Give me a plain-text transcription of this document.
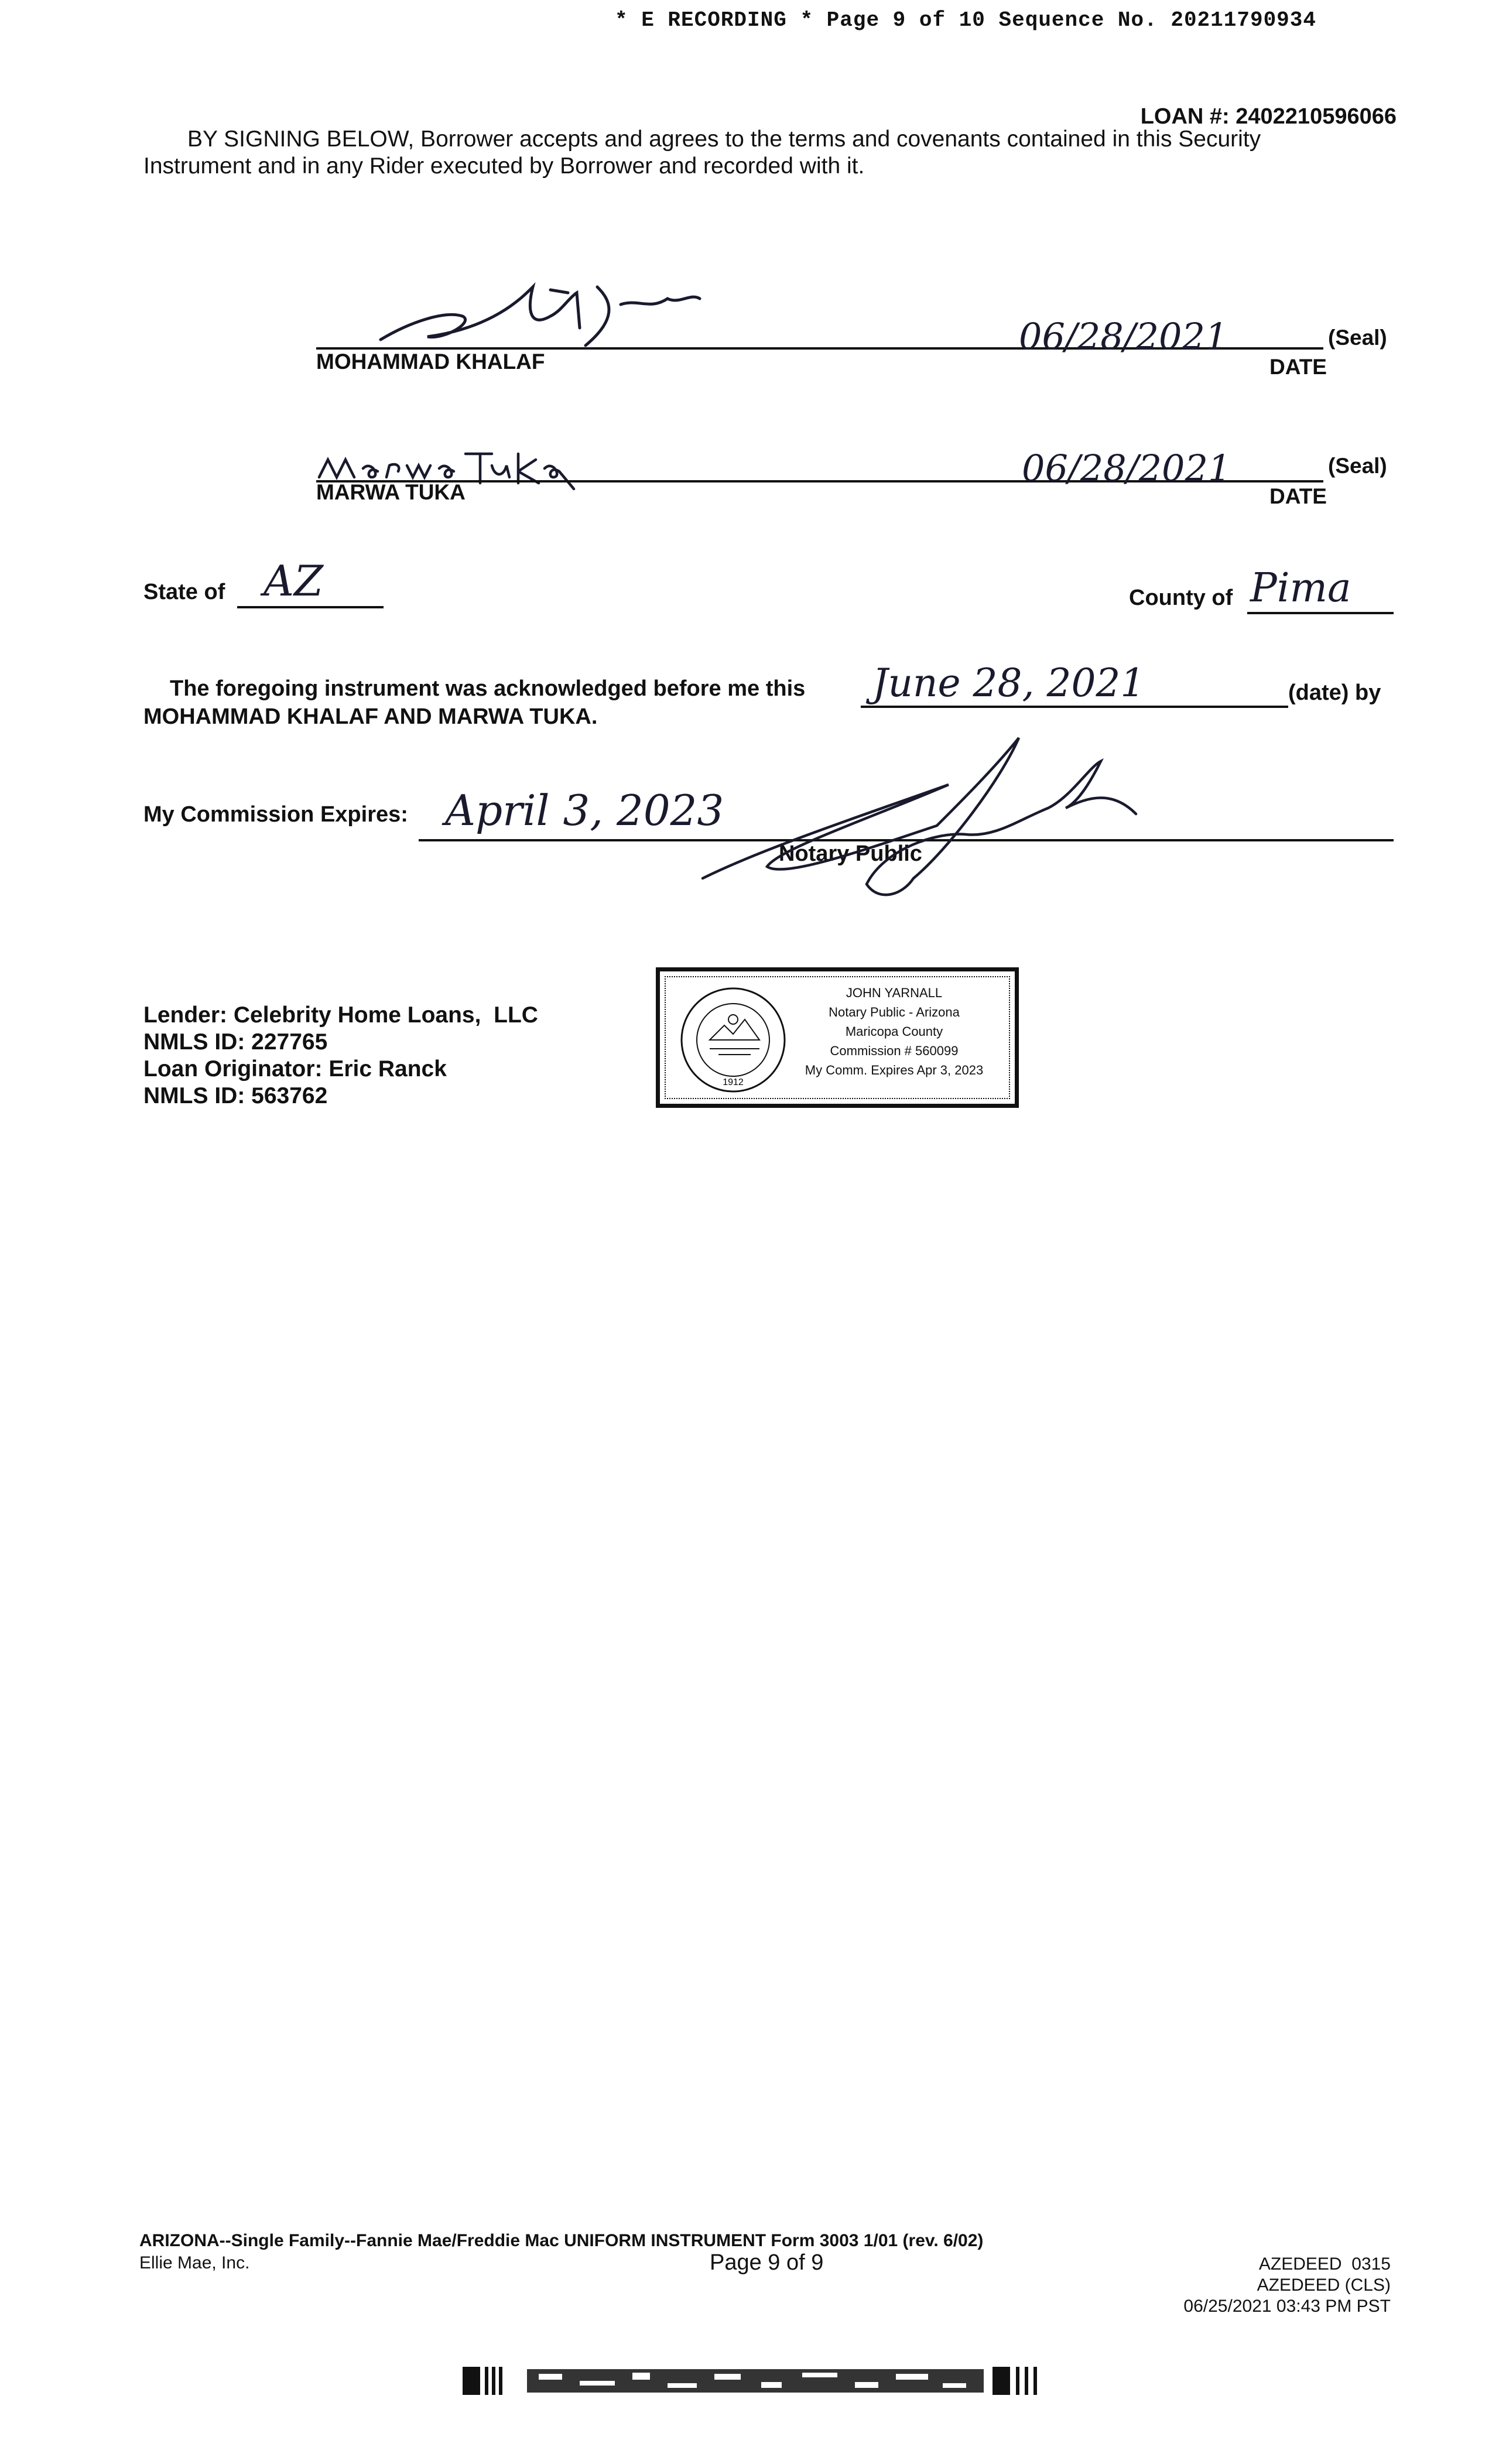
* E RECORDING * Page 9 of 10 Sequence No. 20211790934
LOAN #: 2402210596066
BY SIGNING BELOW, Borrower accepts and agrees to the terms and covenants contained in this Security
Instrument and in any Rider executed by Borrower and recorded with it.
MOHAMMAD KHALAF
06/28/2021
DATE
(Seal)
MARWA TUKA
06/28/2021
DATE
(Seal)
State of AZ	County of Pima
The foregoing instrument was acknowledged before me this June 28, 2021	(date) by
MOHAMMAD KHALAF AND MARWA TUKA.
My Commission Expires: April 3, 2023
Notary Public
Lender: Celebrity Home Loans,  LLC
NMLS ID: 227765
Loan Originator: Eric Ranck
NMLS ID: 563762
1912
JOHN YARNALL
Notary Public - Arizona
Maricopa County
Commission # 560099
My Comm. Expires Apr 3, 2023
ARIZONA--Single Family--Fannie Mae/Freddie Mac UNIFORM INSTRUMENT Form 3003 1/01 (rev. 6/02)
Ellie Mae, Inc.	Page 9 of 9	AZEDEED  0315
AZEDEED (CLS)
06/25/2021 03:43 PM PST
